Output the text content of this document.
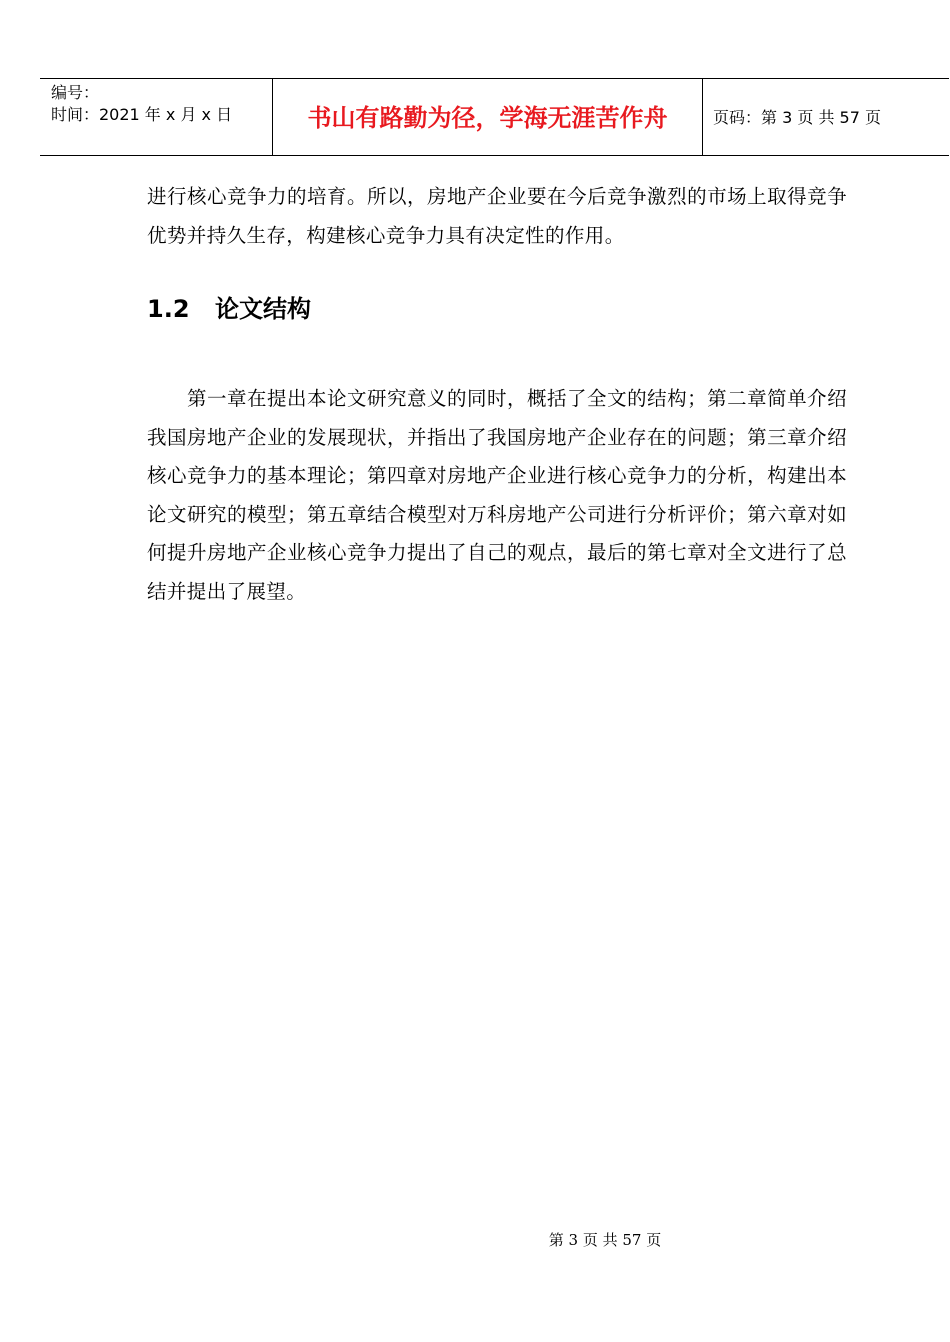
编号：
时间：2021 年 x 月 x 日	书山有路勤为径，学海无涯苦作舟	页码：第 3 页 共 57 页
进行核心竞争力的培育。所以，房地产企业要在今后竞争激烈的市场上取得竞争优势并持久生存，构建核心竞争力具有决定性的作用。
1.2 论文结构
第一章在提出本论文研究意义的同时，概括了全文的结构；第二章简单介绍我国房地产企业的发展现状，并指出了我国房地产企业存在的问题；第三章介绍核心竞争力的基本理论；第四章对房地产企业进行核心竞争力的分析，构建出本论文研究的模型；第五章结合模型对万科房地产公司进行分析评价；第六章对如何提升房地产企业核心竞争力提出了自己的观点，最后的第七章对全文进行了总结并提出了展望。
第 3 页 共 57 页
